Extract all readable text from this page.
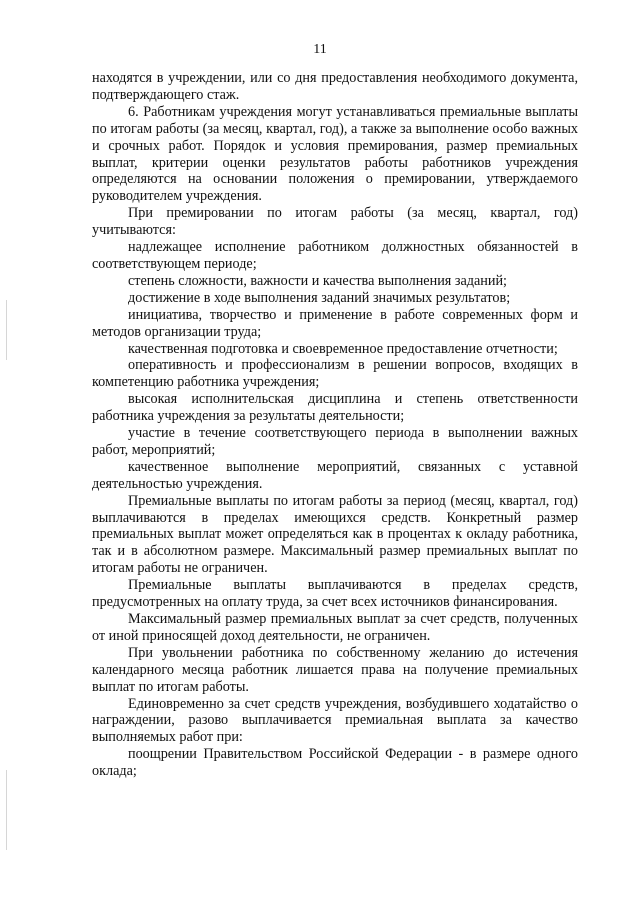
11

находятся в учреждении, или со дня предоставления необходимого документа, подтверждающего стаж.

6. Работникам учреждения могут устанавливаться премиальные выплаты по итогам работы (за месяц, квартал, год), а также за выполнение особо важных и срочных работ. Порядок и условия премирования, размер премиальных выплат, критерии оценки результатов работы работников учреждения определяются на основании положения о премировании, утверждаемого руководителем учреждения.

При премировании по итогам работы (за месяц, квартал, год) учитываются:

надлежащее исполнение работником должностных обязанностей в соответствующем периоде;

степень сложности, важности и качества выполнения заданий;

достижение в ходе выполнения заданий значимых результатов;

инициатива, творчество и применение в работе современных форм и методов организации труда;

качественная подготовка и своевременное предоставление отчетности;

оперативность и профессионализм в решении вопросов, входящих в компетенцию работника учреждения;

высокая исполнительская дисциплина и степень ответственности работника учреждения за результаты деятельности;

участие в течение соответствующего периода в выполнении важных работ, мероприятий;

качественное выполнение мероприятий, связанных с уставной деятельностью учреждения.

Премиальные выплаты по итогам работы за период (месяц, квартал, год) выплачиваются в пределах имеющихся средств. Конкретный размер премиальных выплат может определяться как в процентах к окладу работника, так и в абсолютном размере. Максимальный размер премиальных выплат по итогам работы не ограничен.

Премиальные выплаты выплачиваются в пределах средств, предусмотренных на оплату труда, за счет всех источников финансирования.

Максимальный размер премиальных выплат за счет средств, полученных от иной приносящей доход деятельности, не ограничен.

При увольнении работника по собственному желанию до истечения календарного месяца работник лишается права на получение премиальных выплат по итогам работы.

Единовременно за счет средств учреждения, возбудившего ходатайство о награждении, разово выплачивается премиальная выплата за качество выполняемых работ при:

поощрении Правительством Российской Федерации - в размере одного оклада;
